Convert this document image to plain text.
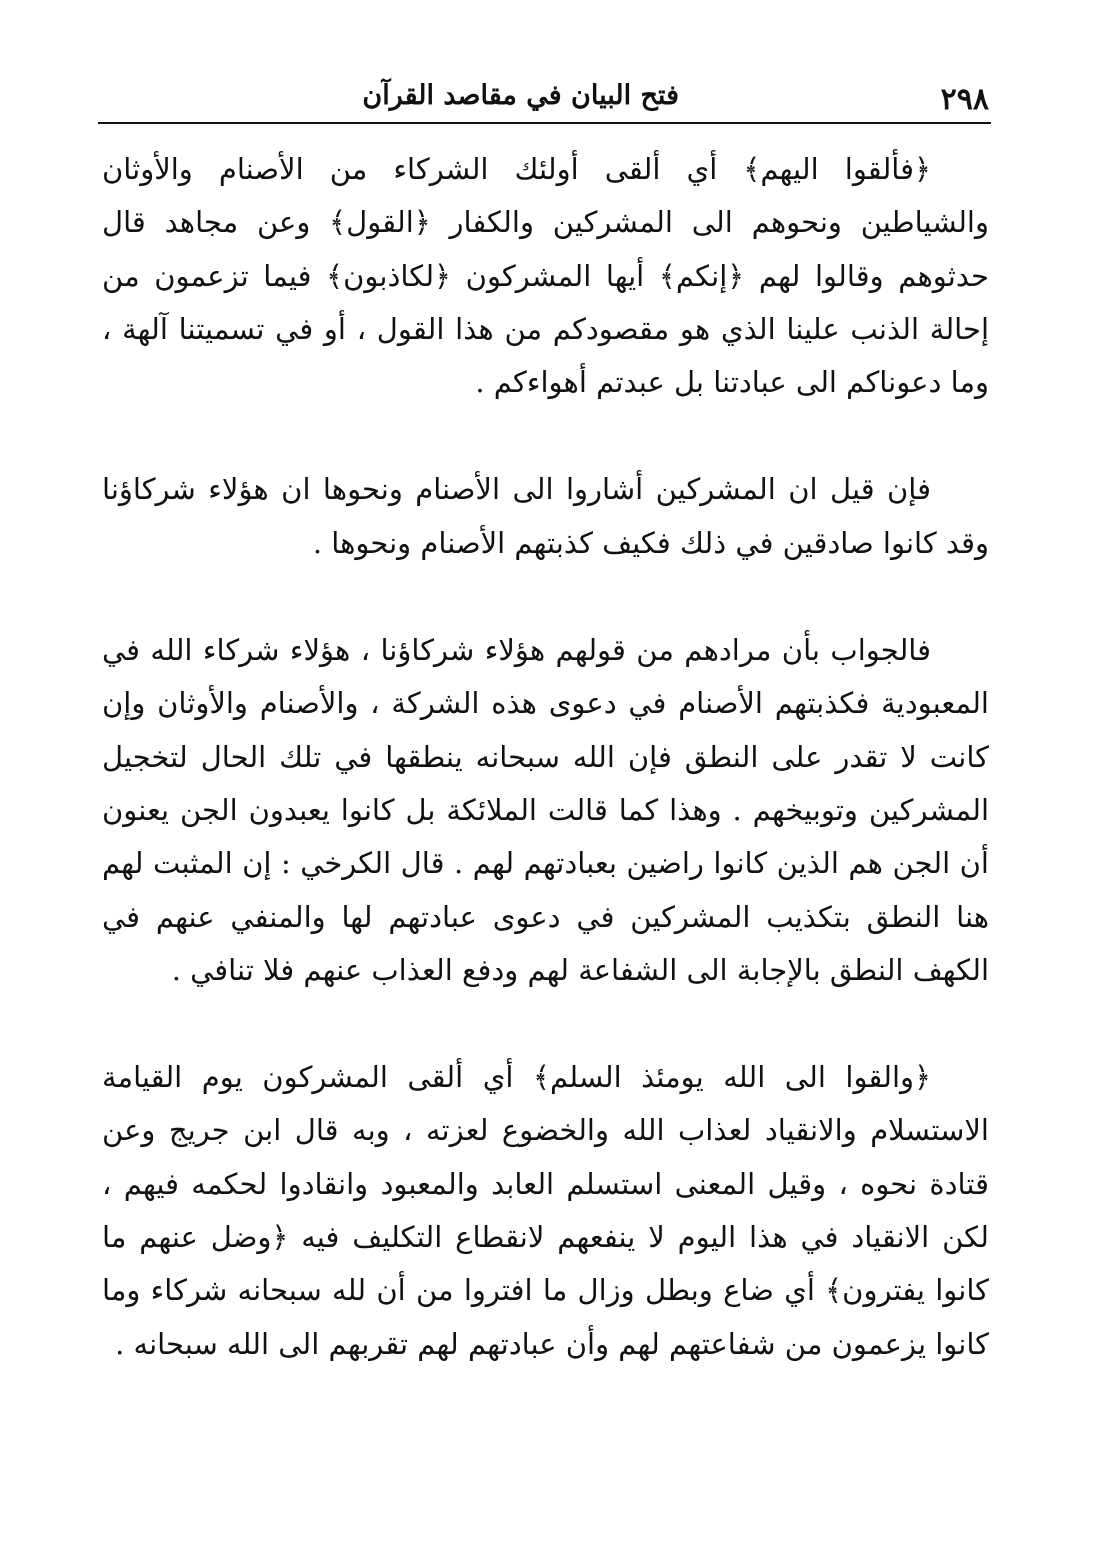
٢٩٨
فتح البيان في مقاصد القرآن

﴿فألقوا اليهم﴾ أي ألقى أولئك الشركاء من الأصنام والأوثان والشياطين ونحوهم الى المشركين والكفار ﴿القول﴾ وعن مجاهد قال حدثوهم وقالوا لهم ﴿إنكم﴾ أيها المشركون ﴿لكاذبون﴾ فيما تزعمون من إحالة الذنب علينا الذي هو مقصودكم من هذا القول ، أو في تسميتنا آلهة ، وما دعوناكم الى عبادتنا بل عبدتم أهواءكم .

فإن قيل ان المشركين أشاروا الى الأصنام ونحوها ان هؤلاء شركاؤنا وقد كانوا صادقين في ذلك فكيف كذبتهم الأصنام ونحوها .

فالجواب بأن مرادهم من قولهم هؤلاء شركاؤنا ، هؤلاء شركاء الله في المعبودية فكذبتهم الأصنام في دعوى هذه الشركة ، والأصنام والأوثان وإن كانت لا تقدر على النطق فإن الله سبحانه ينطقها في تلك الحال لتخجيل المشركين وتوبيخهم . وهذا كما قالت الملائكة بل كانوا يعبدون الجن يعنون أن الجن هم الذين كانوا راضين بعبادتهم لهم . قال الكرخي : إن المثبت لهم هنا النطق بتكذيب المشركين في دعوى عبادتهم لها والمنفي عنهم في الكهف النطق بالإجابة الى الشفاعة لهم ودفع العذاب عنهم فلا تنافي .

﴿والقوا الى الله يومئذ السلم﴾ أي ألقى المشركون يوم القيامة الاستسلام والانقياد لعذاب الله والخضوع لعزته ، وبه قال ابن جريج وعن قتادة نحوه ، وقيل المعنى استسلم العابد والمعبود وانقادوا لحكمه فيهم ، لكن الانقياد في هذا اليوم لا ينفعهم لانقطاع التكليف فيه ﴿وضل عنهم ما كانوا يفترون﴾ أي ضاع وبطل وزال ما افتروا من أن لله سبحانه شركاء وما كانوا يزعمون من شفاعتهم لهم وأن عبادتهم لهم تقربهم الى الله سبحانه .
